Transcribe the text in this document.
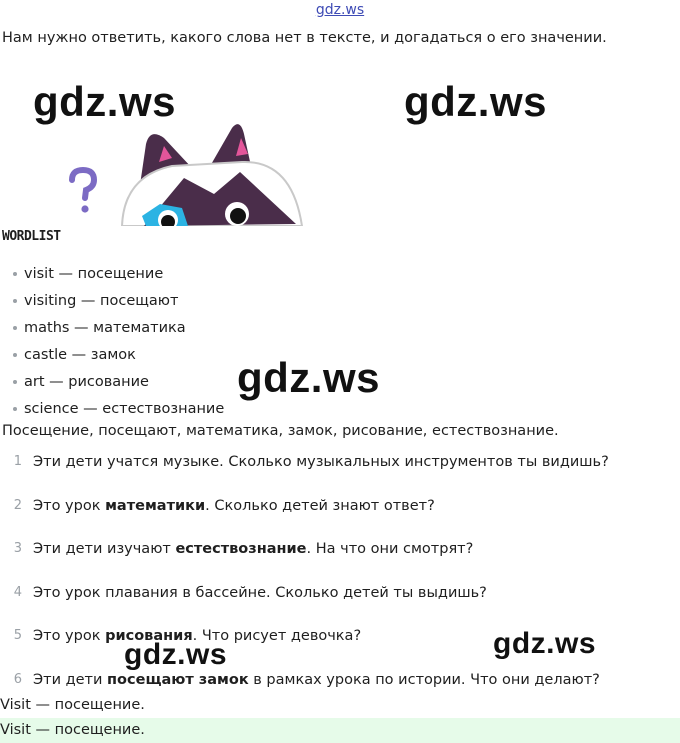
gdz.ws
Нам нужно ответить, какого слова нет в тексте, и догадаться о его значении.
gdz.ws	gdz.ws
WORDLIST
visit — посещение
visiting — посещают
maths — математика
castle — замок
art — рисование
science — естествознание
gdz.ws
Посещение, посещают, математика, замок, рисование, естествознание.
1 Эти дети учатся музыке. Сколько музыкальных инструментов ты видишь?
2 Это урок математики. Сколько детей знают ответ?
3 Эти дети изучают естествознание. На что они смотрят?
4 Это урок плавания в бассейне. Сколько детей ты выдишь?
5 Это урок рисования. Что рисует девочка?
6 Эти дети посещают замок в рамках урока по истории. Что они делают?
gdz.ws
gdz.ws
Visit — посещение.
Visit — посещение.
